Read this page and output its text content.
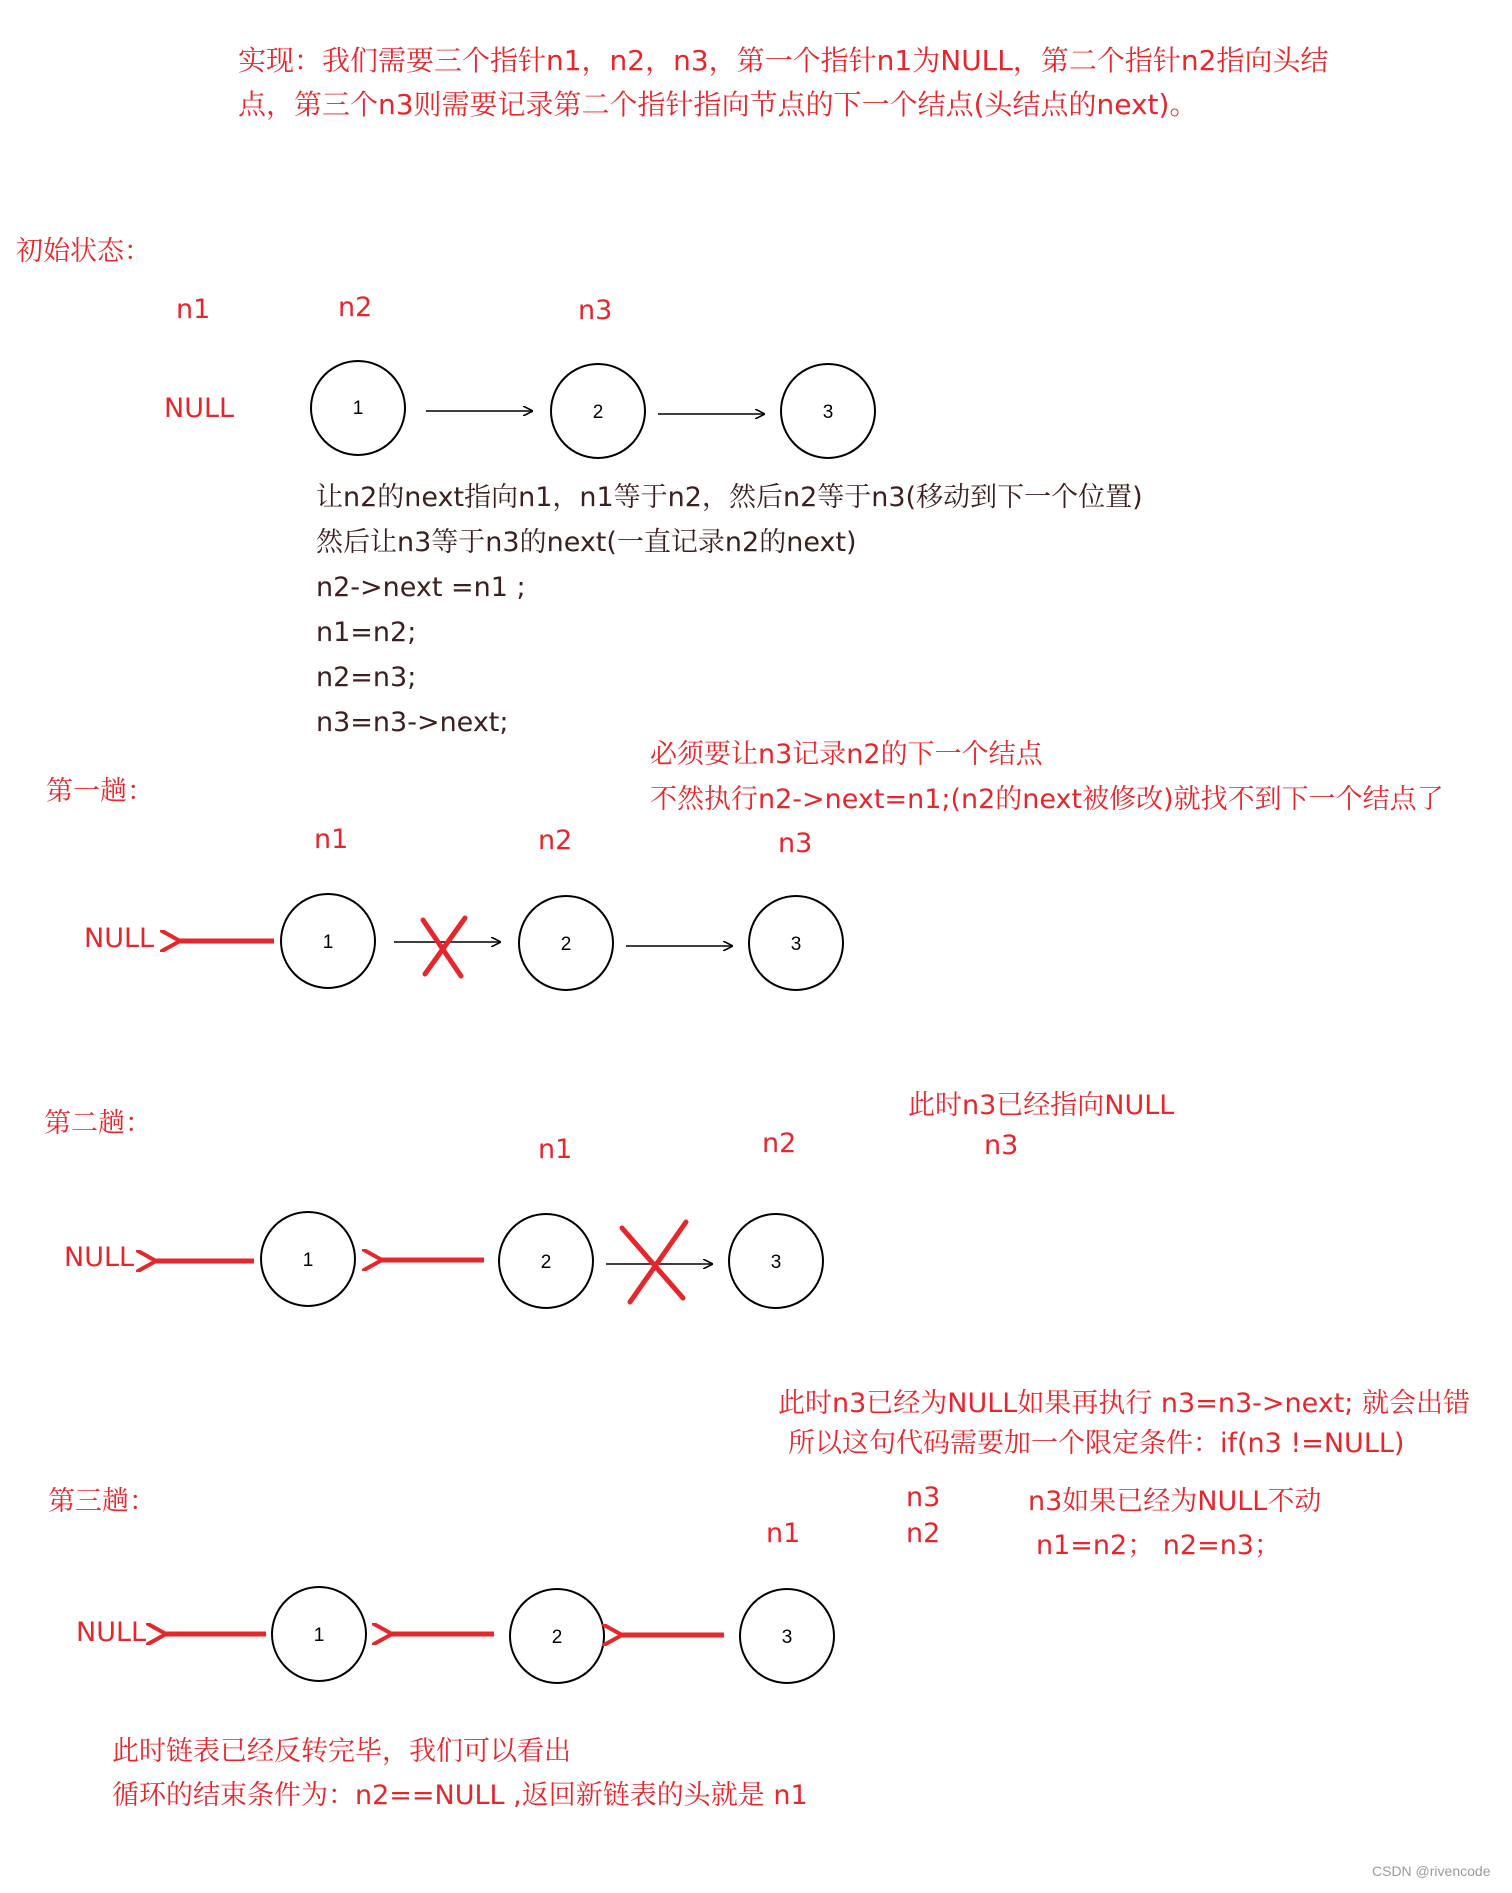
实现：我们需要三个指针n1，n2，n3，第一个指针n1为NULL，第二个指针n2指向头结
点，第三个n3则需要记录第二个指针指向节点的下一个结点(头结点的next)。
初始状态：
n1	n2	n3
NULL
让n2的next指向n1，n1等于n2，然后n2等于n3(移动到下一个位置)
然后让n3等于n3的next(一直记录n2的next)
n2->next =n1 ;
n1=n2;
n2=n3;
n3=n3->next;
必须要让n3记录n2的下一个结点
不然执行n2->next=n1;(n2的next被修改)就找不到下一个结点了
第一趟：
n1	n2	n3
NULL
第二趟：
此时n3已经指向NULL
n1	n2	n3
NULL
此时n3已经为NULL如果再执行 n3=n3->next; 就会出错
所以这句代码需要加一个限定条件：if(n3 !=NULL)
第三趟：	n3
n2
n1
n3如果已经为NULL不动
n1=n2； n2=n3；
NULL
此时链表已经反转完毕，我们可以看出
循环的结束条件为：n2==NULL ,返回新链表的头就是 n1
CSDN @rivencode
1	2	3
1	2	3
1	2	3
1	2	3
